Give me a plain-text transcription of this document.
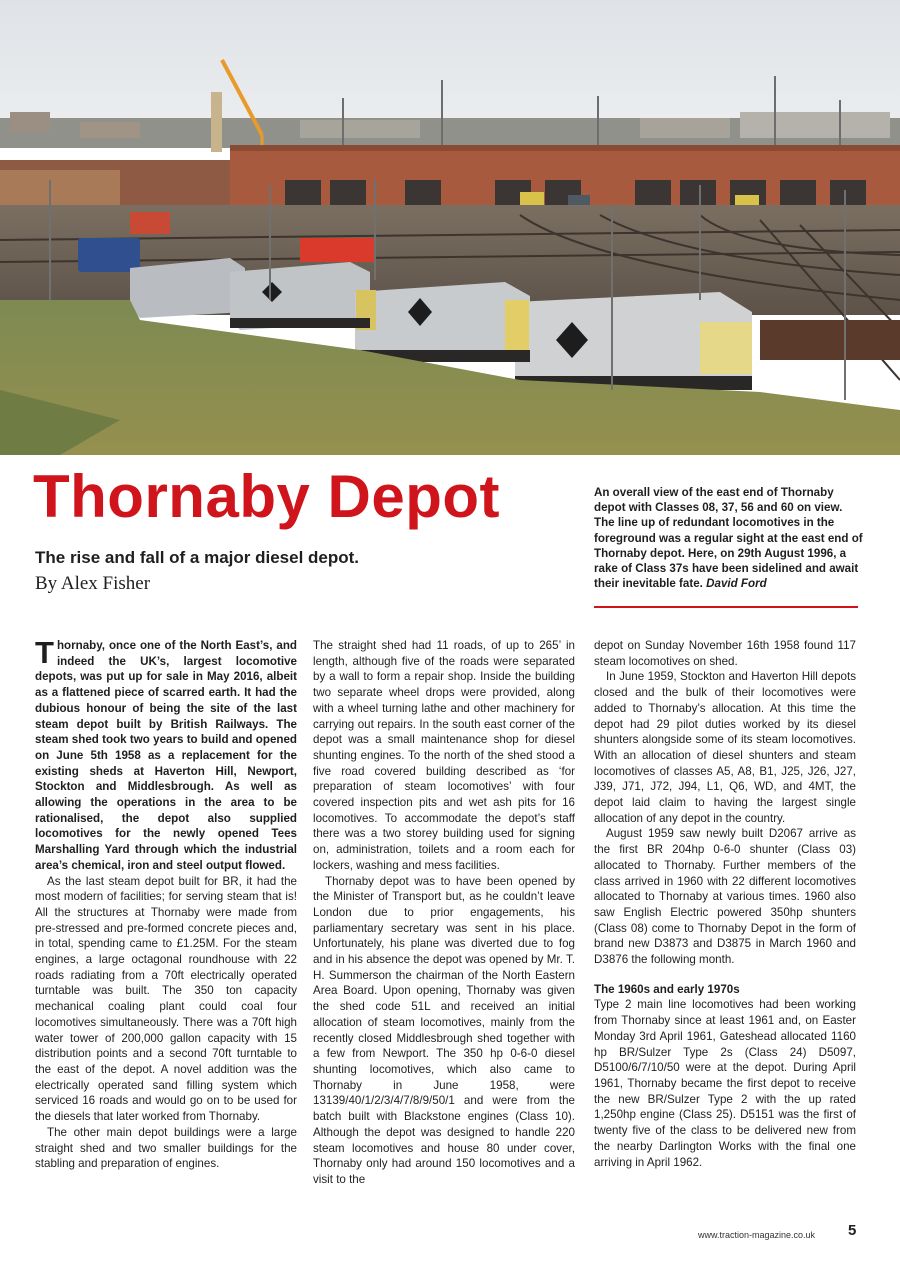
Thornaby Depot
The rise and fall of a major diesel depot.
By Alex Fisher
An overall view of the east end of Thornaby depot with Classes 08, 37, 56 and 60 on view. The line up of redundant locomotives in the foreground was a regular sight at the east end of Thornaby depot. Here, on 29th August 1996, a rake of Class 37s have been sidelined and await their inevitable fate. David Ford

Thornaby, once one of the North East’s, and indeed the UK’s, largest locomotive depots, was put up for sale in May 2016, albeit as a flattened piece of scarred earth. It had the dubious honour of being the site of the last steam depot built by British Railways. The steam shed took two years to build and opened on June 5th 1958 as a replacement for the existing sheds at Haverton Hill, Newport, Stockton and Middlesbrough. As well as allowing the operations in the area to be rationalised, the depot also supplied locomotives for the newly opened Tees Marshalling Yard through which the industrial area’s chemical, iron and steel output flowed.

As the last steam depot built for BR, it had the most modern of facilities; for serving steam that is! All the structures at Thornaby were made from pre-stressed and pre-formed concrete pieces and, in total, spending came to £1.25M. For the steam engines, a large octagonal roundhouse with 22 roads radiating from a 70ft electrically operated turntable was built. The 350 ton capacity mechanical coaling plant could coal four locomotives simultaneously. There was a 70ft high water tower of 200,000 gallon capacity with 15 distribution points and a second 70ft turntable to the east of the depot. A novel addition was the electrically operated sand filling system which serviced 16 roads and would go on to be used for the diesels that later worked from Thornaby.

The other main depot buildings were a large straight shed and two smaller buildings for the stabling and preparation of engines.

The straight shed had 11 roads, of up to 265’ in length, although five of the roads were separated by a wall to form a repair shop. Inside the building two separate wheel drops were provided, along with a wheel turning lathe and other machinery for carrying out repairs. In the south east corner of the depot was a small maintenance shop for diesel shunting engines. To the north of the shed stood a five road covered building described as ‘for preparation of steam locomotives’ with four covered inspection pits and wet ash pits for 16 locomotives. To accommodate the depot’s staff there was a two storey building used for signing on, administration, toilets and a room each for lockers, washing and mess facilities.

Thornaby depot was to have been opened by the Minister of Transport but, as he couldn’t leave London due to prior engagements, his parliamentary secretary was sent in his place. Unfortunately, his plane was diverted due to fog and in his absence the depot was opened by Mr. T. H. Summerson the chairman of the North Eastern Area Board. Upon opening, Thornaby was given the shed code 51L and received an initial allocation of steam locomotives, mainly from the recently closed Middlesbrough shed together with a few from Newport. The 350 hp 0-6-0 diesel shunting locomotives, which also came to Thornaby in June 1958, were 13139/40/1/2/3/4/7/8/9/50/1 and were from the batch built with Blackstone engines (Class 10). Although the depot was designed to handle 220 steam locomotives and house 80 under cover, Thornaby only had around 150 locomotives and a visit to the

depot on Sunday November 16th 1958 found 117 steam locomotives on shed.

In June 1959, Stockton and Haverton Hill depots closed and the bulk of their locomotives were added to Thornaby’s allocation. At this time the depot had 29 pilot duties worked by its diesel shunters alongside some of its steam locomotives. With an allocation of diesel shunters and steam locomotives of classes A5, A8, B1, J25, J26, J27, J39, J71, J72, J94, L1, Q6, WD, and 4MT, the depot laid claim to having the largest single allocation of any depot in the country.

August 1959 saw newly built D2067 arrive as the first BR 204hp 0-6-0 shunter (Class 03) allocated to Thornaby. Further members of the class arrived in 1960 with 22 different locomotives allocated to Thornaby at various times. 1960 also saw English Electric powered 350hp shunters (Class 08) come to Thornaby Depot in the form of brand new D3873 and D3875 in March 1960 and D3876 the following month.

The 1960s and early 1970s

Type 2 main line locomotives had been working from Thornaby since at least 1961 and, on Easter Monday 3rd April 1961, Gateshead allocated 1160 hp BR/Sulzer Type 2s (Class 24) D5097, D5100/6/7/10/50 were at the depot. During April 1961, Thornaby became the first depot to receive the new BR/Sulzer Type 2 with the up rated 1,250hp engine (Class 25). D5151 was the first of twenty five of the class to be delivered new from the nearby Darlington Works with the final one arriving in April 1962.

www.traction-magazine.co.uk 5
